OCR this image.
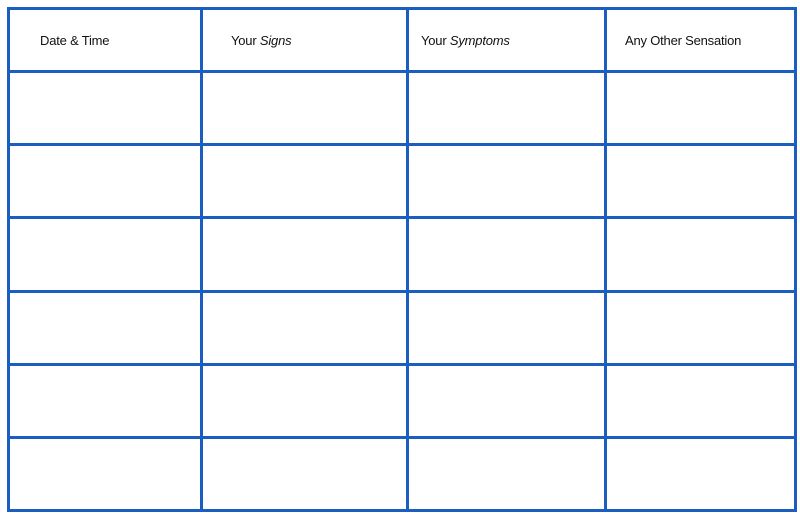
Date & Time	Your Signs	Your Symptoms	Any Other Sensation
